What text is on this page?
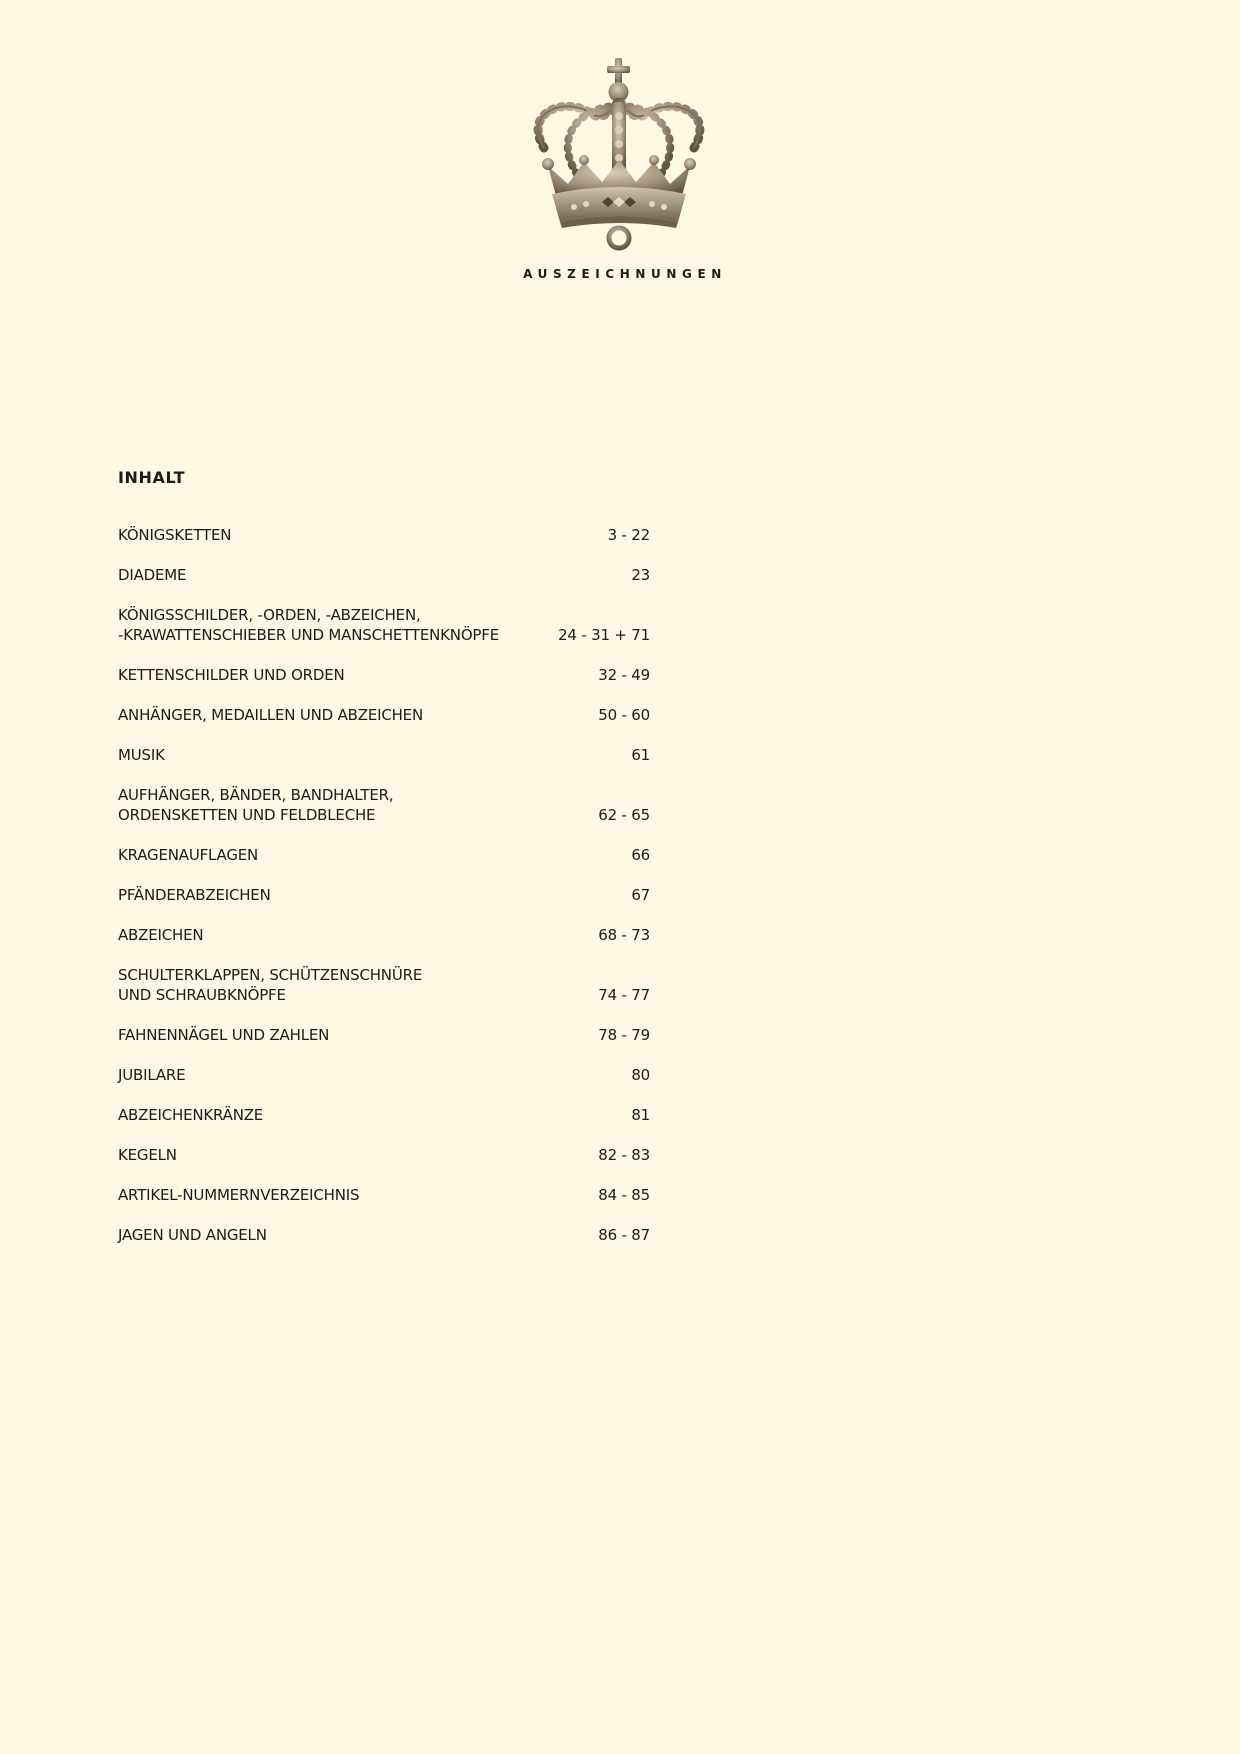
AUSZEICHNUNGEN
INHALT
KÖNIGSKETTEN	3 - 22
DIADEME	23
KÖNIGSSCHILDER, -ORDEN, -ABZEICHEN,
-KRAWATTENSCHIEBER UND MANSCHETTENKNÖPFE	24 - 31 + 71
KETTENSCHILDER UND ORDEN	32 - 49
ANHÄNGER, MEDAILLEN UND ABZEICHEN	50 - 60
MUSIK	61
AUFHÄNGER, BÄNDER, BANDHALTER,
ORDENSKETTEN UND FELDBLECHE	62 - 65
KRAGENAUFLAGEN	66
PFÄNDERABZEICHEN	67
ABZEICHEN	68 - 73
SCHULTERKLAPPEN, SCHÜTZENSCHNÜRE
UND SCHRAUBKNÖPFE	74 - 77
FAHNENNÄGEL UND ZAHLEN	78 - 79
JUBILARE	80
ABZEICHENKRÄNZE	81
KEGELN	82 - 83
ARTIKEL-NUMMERNVERZEICHNIS	84 - 85
JAGEN UND ANGELN	86 - 87
